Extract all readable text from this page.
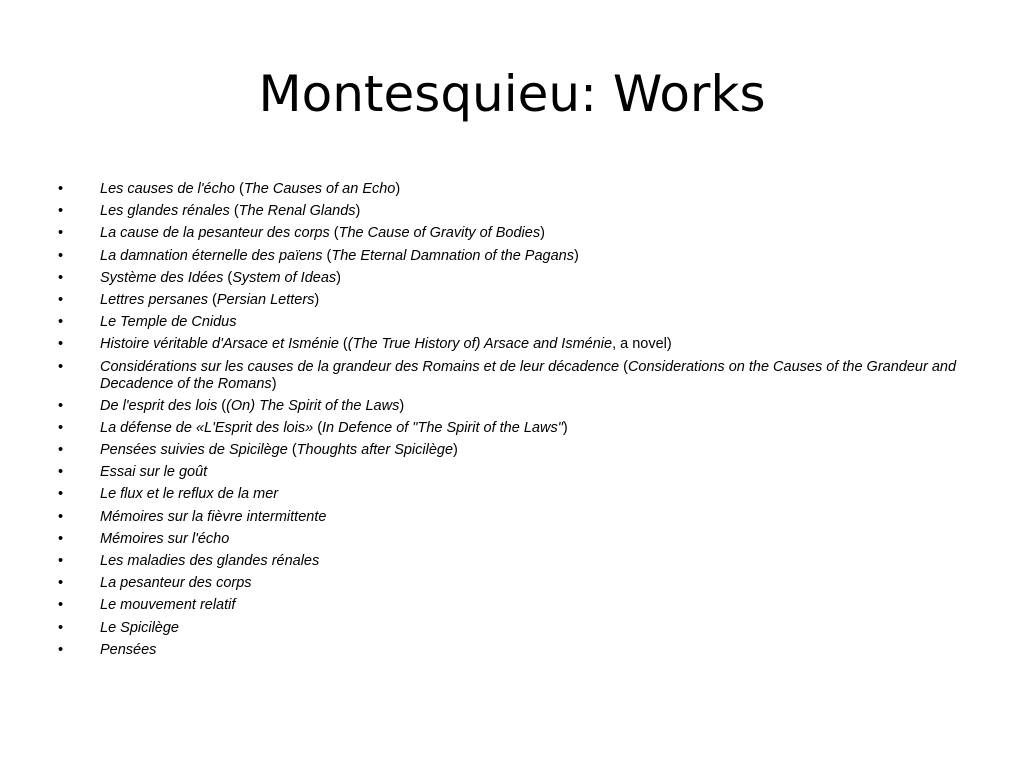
Montesquieu: Works
•	Les causes de l'écho (The Causes of an Echo)
•	Les glandes rénales (The Renal Glands)
•	La cause de la pesanteur des corps (The Cause of Gravity of Bodies)
•	La damnation éternelle des païens (The Eternal Damnation of the Pagans)
•	Système des Idées (System of Ideas)
•	Lettres persanes (Persian Letters)
•	Le Temple de Cnidus
•	Histoire véritable d'Arsace et Isménie ((The True History of) Arsace and Isménie, a novel)
•	Considérations sur les causes de la grandeur des Romains et de leur décadence (Considerations on the Causes of the Grandeur and Decadence of the Romans)
•	De l'esprit des lois ((On) The Spirit of the Laws)
•	La défense de «L'Esprit des lois» (In Defence of "The Spirit of the Laws")
•	Pensées suivies de Spicilège (Thoughts after Spicilège)
•	Essai sur le goût
•	Le flux et le reflux de la mer
•	Mémoires sur la fièvre intermittente
•	Mémoires sur l'écho
•	Les maladies des glandes rénales
•	La pesanteur des corps
•	Le mouvement relatif
•	Le Spicilège
•	Pensées
